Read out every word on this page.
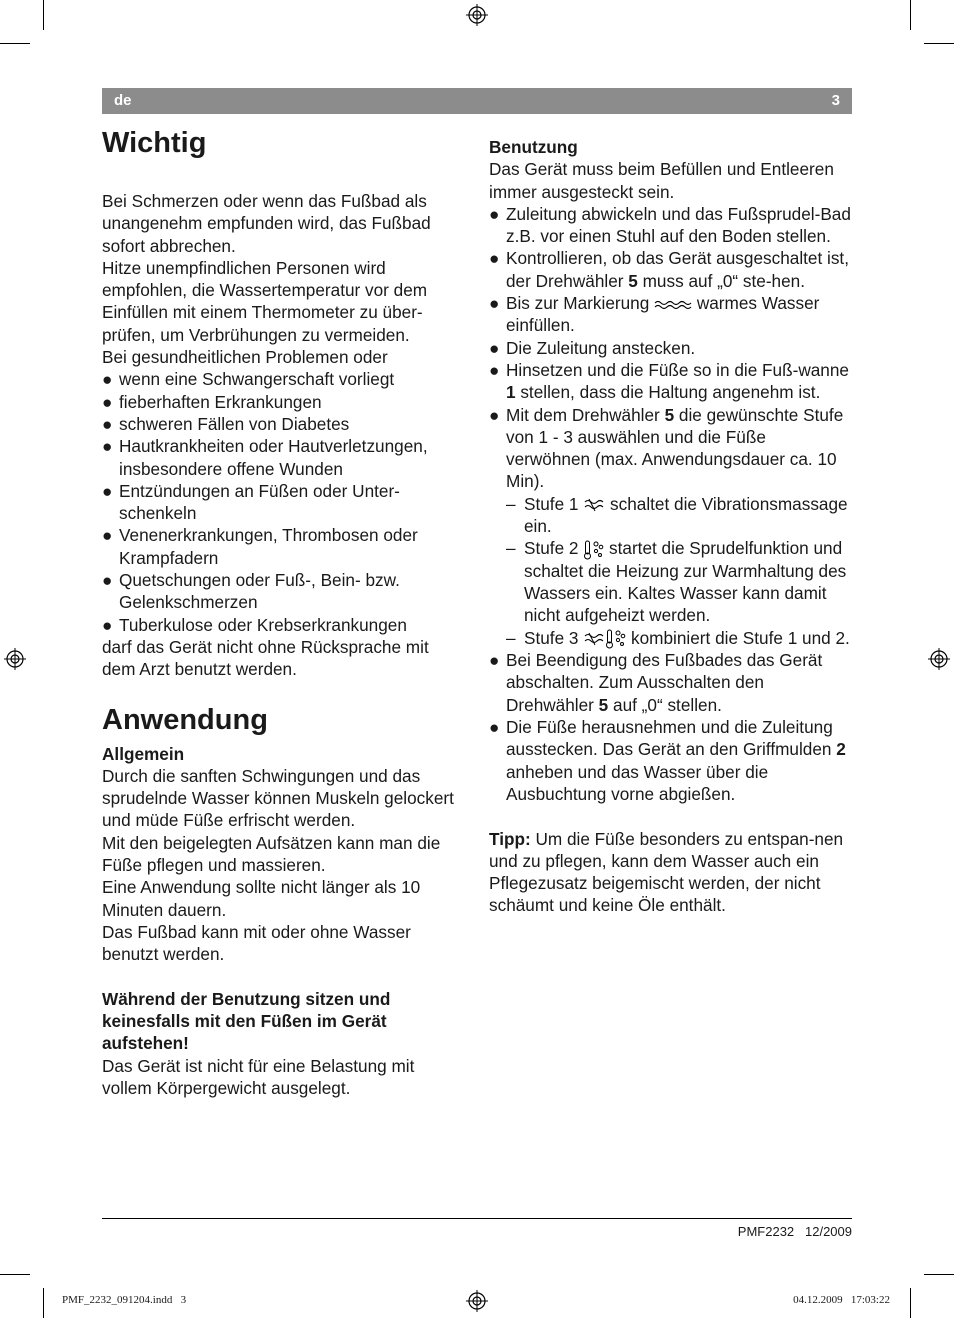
de	3
Wichtig

Bei Schmerzen oder wenn das Fußbad als unangenehm empfunden wird, das Fußbad sofort abbrechen.

Hitze unempfindlichen Personen wird empfohlen, die Wassertemperatur vor dem Einfüllen mit einem Thermometer zu über-prüfen, um Verbrühungen zu vermeiden.

Bei gesundheitlichen Problemen oder

● wenn eine Schwangerschaft vorliegt
● fieberhaften Erkrankungen
● schweren Fällen von Diabetes
● Hautkrankheiten oder Hautverletzungen, insbesondere offene Wunden
● Entzündungen an Füßen oder Unter-schenkeln
● Venenerkrankungen, Thrombosen oder Krampfadern
● Quetschungen oder Fuß-, Bein- bzw. Gelenkschmerzen
● Tuberkulose oder Krebserkrankungen

darf das Gerät nicht ohne Rücksprache mit dem Arzt benutzt werden.

Anwendung
Allgemein

Durch die sanften Schwingungen und das sprudelnde Wasser können Muskeln gelockert und müde Füße erfrischt werden.

Mit den beigelegten Aufsätzen kann man die Füße pflegen und massieren.

Eine Anwendung sollte nicht länger als 10 Minuten dauern.

Das Fußbad kann mit oder ohne Wasser benutzt werden.

Während der Benutzung sitzen und keinesfalls mit den Füßen im Gerät aufstehen!

Das Gerät ist nicht für eine Belastung mit vollem Körpergewicht ausgelegt.

Benutzung

Das Gerät muss beim Befüllen und Entleeren immer ausgesteckt sein.

● Zuleitung abwickeln und das Fußsprudel-Bad z.B. vor einen Stuhl auf den Boden stellen.
● Kontrollieren, ob das Gerät ausgeschaltet ist, der Drehwähler 5 muss auf „0“ ste-hen.
● Bis zur Markierung  warmes Wasser einfüllen.
● Die Zuleitung anstecken.
● Hinsetzen und die Füße so in die Fuß-wanne 1 stellen, dass die Haltung angenehm ist.
● Mit dem Drehwähler 5 die gewünschte Stufe von 1 - 3 auswählen und die Füße verwöhnen (max. Anwendungsdauer ca. 10 Min).
– Stufe 1  schaltet die Vibrationsmassage ein.
– Stufe 2  startet die Sprudelfunktion und schaltet die Heizung zur Warmhaltung des Wassers ein. Kaltes Wasser kann damit nicht aufgeheizt werden.
– Stufe 3	kombiniert die Stufe 1 und 2.
● Bei Beendigung des Fußbades das Gerät abschalten. Zum Ausschalten den Drehwähler 5 auf „0“ stellen.
● Die Füße herausnehmen und die Zuleitung ausstecken. Das Gerät an den Griffmulden 2 anheben und das Wasser über die Ausbuchtung vorne abgießen.

Tipp: Um die Füße besonders zu entspan-nen und zu pflegen, kann dem Wasser auch ein Pflegezusatz beigemischt werden, der nicht schäumt und keine Öle enthält.

PMF2232   12/2009
PMF_2232_091204.indd   3	04.12.2009   17:03:22
